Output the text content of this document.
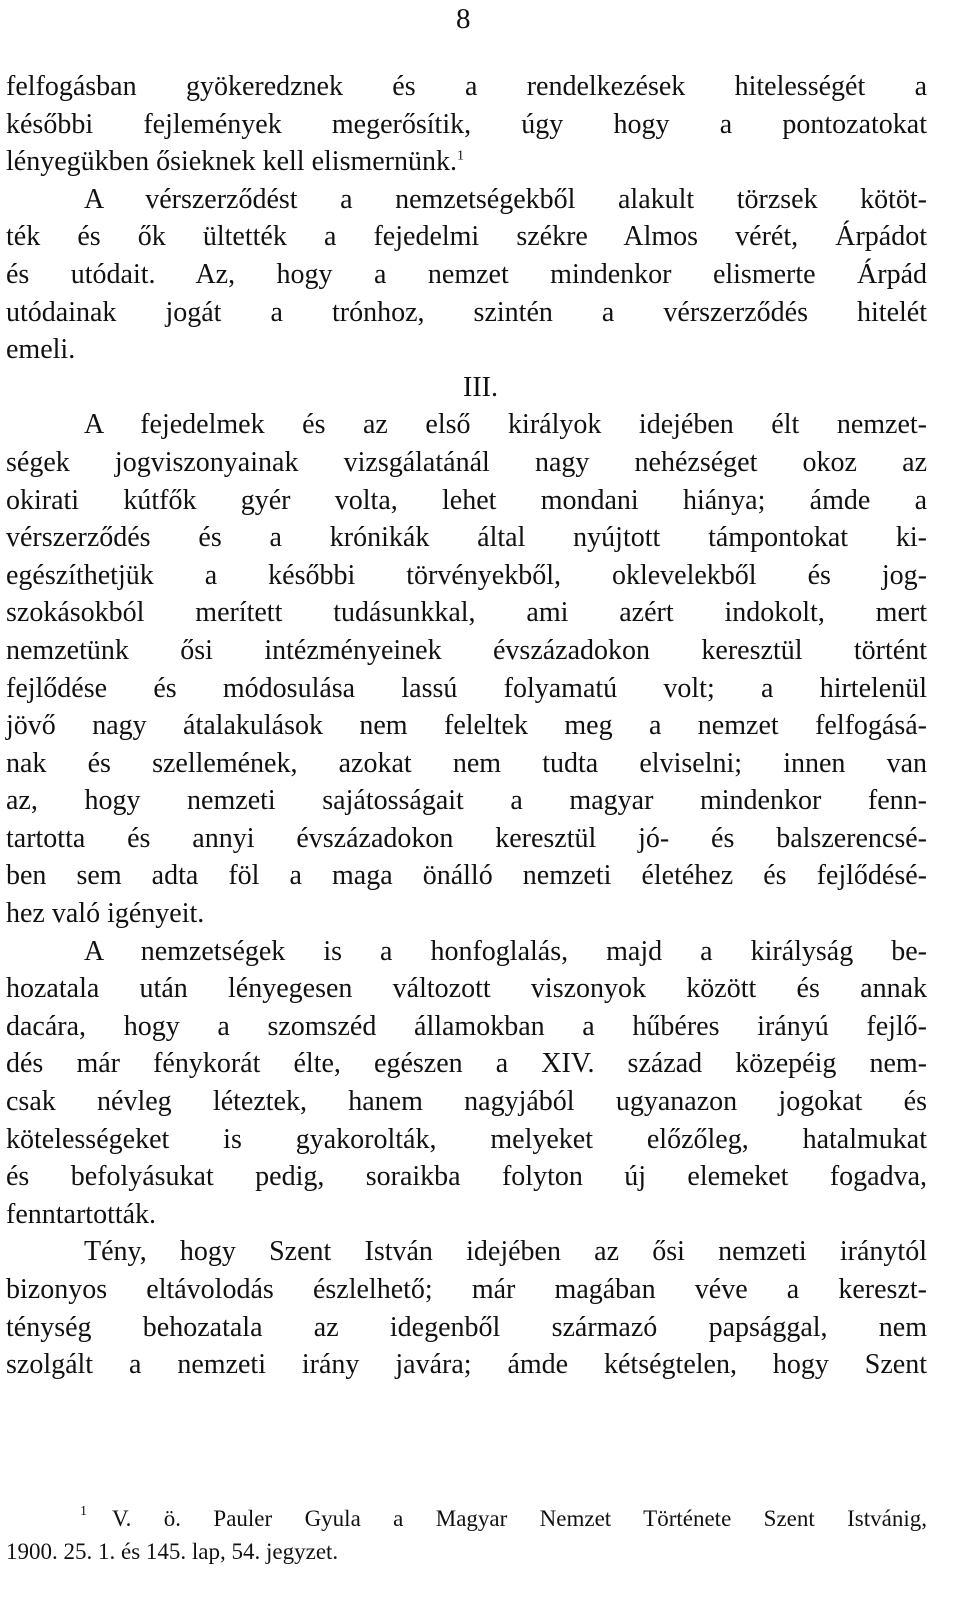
8
felfogásban gyökeredznek és a rendelkezések hitelességét a
későbbi fejlemények megerősítik, úgy hogy a pontozatokat
lényegükben ősieknek kell elismernünk.$^1$
A vérszerződést a nemzetségekből alakult törzsek kötöt-
ték és ők ültették a fejedelmi székre Almos vérét, Árpádot
és utódait. Az, hogy a nemzet mindenkor elismerte Árpád
utódainak jogát a trónhoz, szintén a vérszerződés hitelét
emeli.
III.
A fejedelmek és az első királyok idejében élt nemzet-
ségek jogviszonyainak vizsgálatánál nagy nehézséget okoz az
okirati kútfők gyér volta, lehet mondani hiánya; ámde a
vérszerződés és a krónikák által nyújtott támpontokat ki-
egészíthetjük a későbbi törvényekből, oklevelekből és jog-
szokásokból merített tudásunkkal, ami azért indokolt, mert
nemzetünk ősi intézményeinek évszázadokon keresztül történt
fejlődése és módosulása lassú folyamatú volt; a hirtelenül
jövő nagy átalakulások nem feleltek meg a nemzet felfogásá-
nak és szellemének, azokat nem tudta elviselni; innen van
az, hogy nemzeti sajátosságait a magyar mindenkor fenn-
tartotta és annyi évszázadokon keresztül jó- és balszerencsé-
ben sem adta föl a maga önálló nemzeti életéhez és fejlődésé-
hez való igényeit.
A nemzetségek is a honfoglalás, majd a királyság be-
hozatala után lényegesen változott viszonyok között és annak
dacára, hogy a szomszéd államokban a hűbéres irányú fejlő-
dés már fénykorát élte, egészen a XIV. század közepéig nem-
csak névleg léteztek, hanem nagyjából ugyanazon jogokat és
kötelességeket is gyakorolták, melyeket előzőleg, hatalmukat
és befolyásukat pedig, soraikba folyton új elemeket fogadva,
fenntartották.
Tény, hogy Szent István idejében az ősi nemzeti iránytól
bizonyos eltávolodás észlelhető; már magában véve a kereszt-
ténység behozatala az idegenből származó papsággal, nem
szolgált a nemzeti irány javára; ámde kétségtelen, hogy Szent
1 V. ö. Pauler Gyula a Magyar Nemzet Története Szent Istvánig,
1900. 25. 1. és 145. lap, 54. jegyzet.
